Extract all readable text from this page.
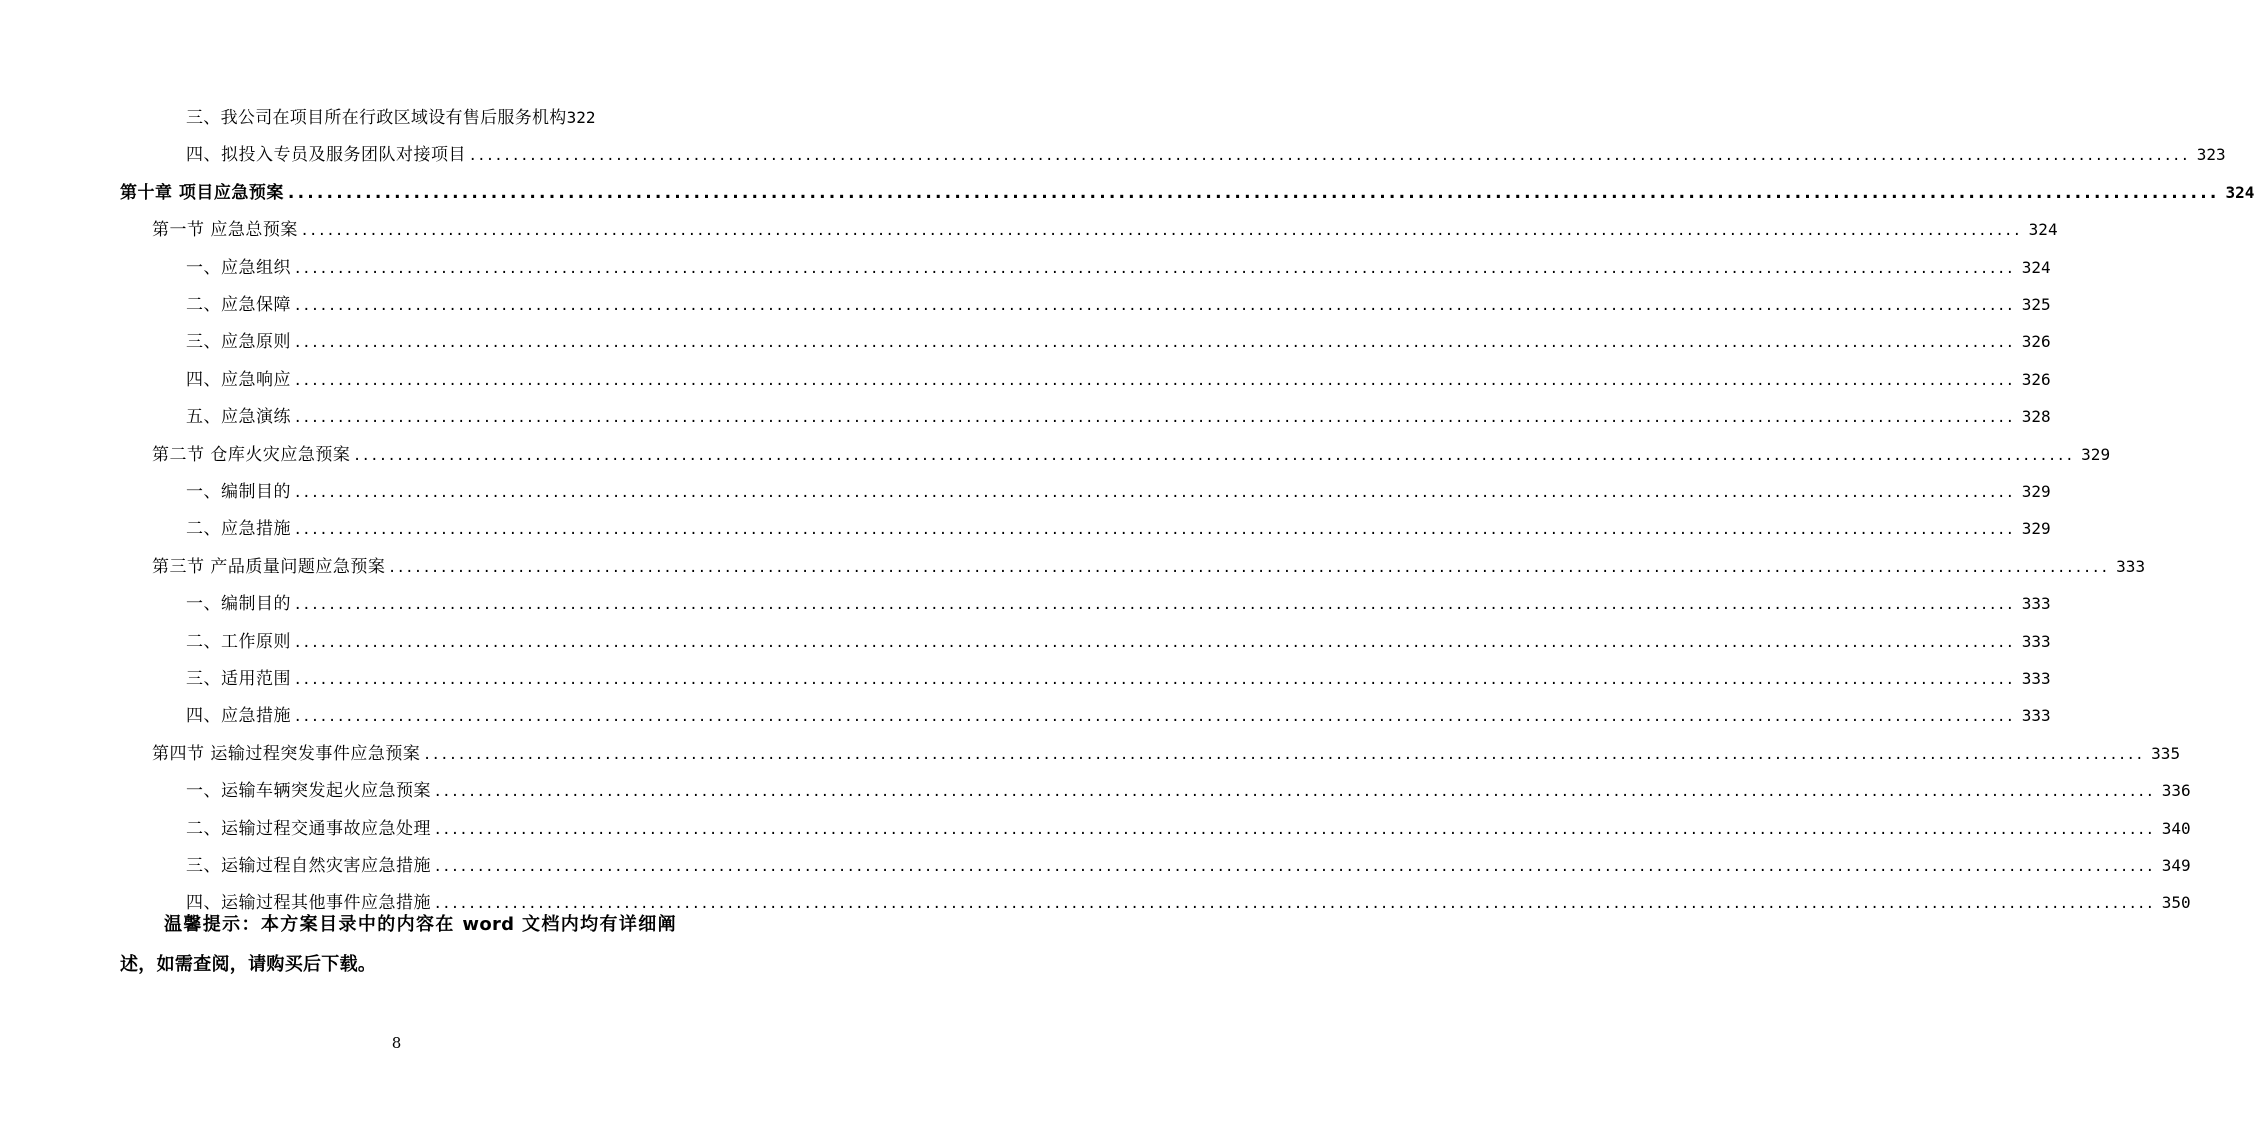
三、我公司在项目所在行政区域设有售后服务机构 322
四、拟投入专员及服务团队对接项目 ........................................................................................................................................................................................................ 323
第十章 项目应急预案 ........................................................................................................................................................................................................ 324
第一节 应急总预案 ........................................................................................................................................................................................................ 324
一、应急组织 ........................................................................................................................................................................................................ 324
二、应急保障 ........................................................................................................................................................................................................ 325
三、应急原则 ........................................................................................................................................................................................................ 326
四、应急响应 ........................................................................................................................................................................................................ 326
五、应急演练 ........................................................................................................................................................................................................ 328
第二节 仓库火灾应急预案 ........................................................................................................................................................................................................ 329
一、编制目的 ........................................................................................................................................................................................................ 329
二、应急措施 ........................................................................................................................................................................................................ 329
第三节 产品质量问题应急预案 ........................................................................................................................................................................................................ 333
一、编制目的 ........................................................................................................................................................................................................ 333
二、工作原则 ........................................................................................................................................................................................................ 333
三、适用范围 ........................................................................................................................................................................................................ 333
四、应急措施 ........................................................................................................................................................................................................ 333
第四节 运输过程突发事件应急预案 ........................................................................................................................................................................................................ 335
一、运输车辆突发起火应急预案 ........................................................................................................................................................................................................ 336
二、运输过程交通事故应急处理 ........................................................................................................................................................................................................ 340
三、运输过程自然灾害应急措施 ........................................................................................................................................................................................................ 349
四、运输过程其他事件应急措施 ........................................................................................................................................................................................................ 350

温馨提示：本方案目录中的内容在 word 文档内均有详细阐述，如需查阅，请购买后下载。

8
